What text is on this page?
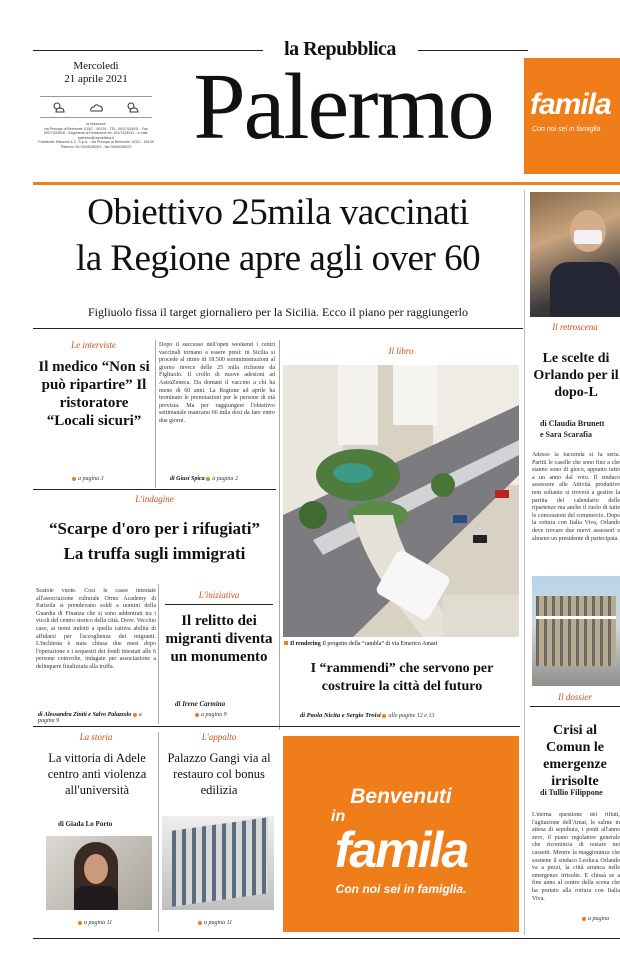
la Repubblica
Mercoledì
21 aprile 2021
la redazione
via Principe di Belmonte 103/C - 90139 - TEL. 091/7434911 - Fax 091/7434918 - Segreteria di Redazione tel. 091/7434911 - e-mail: palermo@repubblica.it
Pubblicità: Manzoni & C. S.p.A. - via Principe di Belmonte 103/C - 90139 Palermo Tel 091/6036901 - fax 091/6036923 Palermo	famila
Con noi sei in famiglia
Obiettivo 25mila vaccinati
la Regione apre agli over 60
Figliuolo fissa il target giornaliero per la Sicilia. Ecco il piano per raggiungerlo
Il retroscena
Le scelte di Orlando per il dopo-L
di Claudia Brunett
e Sara Scarafia
Adesso la faccenda si fa seria. Partiti le caselle che sono fino a che stanno sono di gioco, appunto tutto a un anno dal voto. Il sindaco assessore alle Attività produttive non soltanto si troverà a gestire la partita del calendario delle ripartenze ma anche il ruolo di tutte le concessioni del commercio. Dopo la rottura con Italia Viva, Orlando deve trovare due nuovi assessori e almeno un presidente di partecipata.
Il dossier
Crisi al Comun le emergenze irrisolte
di Tullio Filippone
L'eterna questione dei rifiuti, l'agitazione dell'Amat, le salme in attesa di sepoltura, i ponti all'anno zero, il piano regolatore generale che ricomincia di restare nei cassetti. Mentre la maggioranza che sostiene il sindaco Leoluca Orlando va a pezzi, la città arranca nelle emergenze irrisolte. E chissà se a fine anno al centro della scena che ha portato alla rottura con Italia Viva.
a pagina
Le interviste
Il medico “Non si può ripartire” Il ristoratore “Locali sicuri”
a pagina 3
Dopo il successo dell'open weekend i centri vaccinali tornano a essere presi: in Sicilia si procede al ritmo di 18.500 somministrazioni al giorno invece delle 25 mila richieste da Figliuolo. Il crollo di nuove adesioni ad AstraZeneca. Da domani il vaccino a chi ha meno di 60 anni. La Regione ad aprile ha terminato le prenotazioni per le persone di età prevista. Ma per raggiungere l'obiettivo settimanale mancano 66 mila dosi da fare entro due giorni.
di Giusi Spica a pagina 2
Il libro
Il rendering Il progetto della “rambla” di via Emerico Amari
I “rammendi” che servono per costruire la città del futuro
di Paola Nicita e Sergio Troisi alle pagine 12 e 13
L'indagine
“Scarpe d'oro per i rifugiati”
La truffa sugli immigrati
Scatole vuote. Così le casse intestate all'associazione culturale Ormo Academy di Parisola si prendevano soldi a uomini della Guardia di Finanza che si sono addentrati tra i vicoli del centro storico della città. Dove. Vecchio caso, ai nomi indotti a quella cattiva abilità di affidarsi per l'accoglienza dei migranti. L'inchiesta è stata chiusa due mesi dopo l'operazione e i sequestri dei fondi intestati alle 6 persone coinvolte, indagate per associazione a delinquere finalizzata alla truffa.
di Alessandra Ziniti e Salvo Palazzolo a pagina 9
L'iniziativa
Il relitto dei migranti diventa un monumento
di Irene Carmina
a pagina 9
La storia
La vittoria di Adele centro anti violenza all'università
di Giada Lo Porto
a pagina 11
L'appalto
Palazzo Gangi via al restauro col bonus edilizia
a pagina 11
Benvenuti
in
famila
Con noi sei in famiglia.
